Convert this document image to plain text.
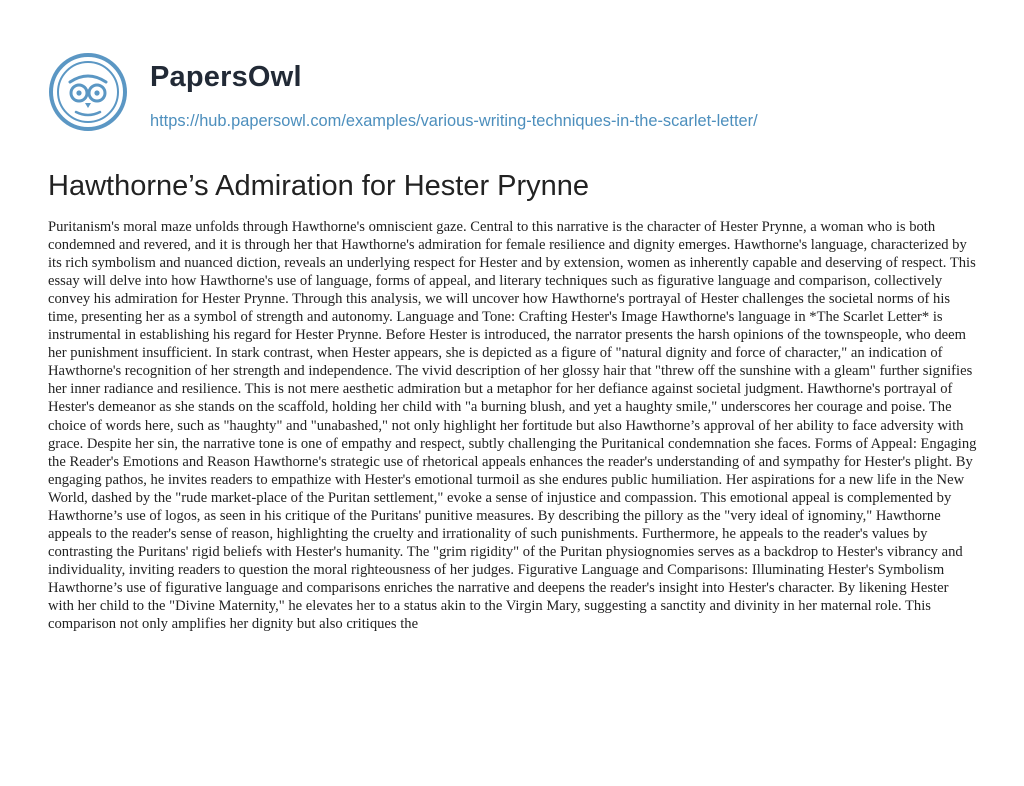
PapersOwl
https://hub.papersowl.com/examples/various-writing-techniques-in-the-scarlet-letter/
Hawthorne’s Admiration for Hester Prynne

Puritanism's moral maze unfolds through Hawthorne's omniscient gaze. Central to this narrative is the character of Hester Prynne, a woman who is both condemned and revered, and it is through her that Hawthorne's admiration for female resilience and dignity emerges. Hawthorne's language, characterized by its rich symbolism and nuanced diction, reveals an underlying respect for Hester and by extension, women as inherently capable and deserving of respect. This essay will delve into how Hawthorne's use of language, forms of appeal, and literary techniques such as figurative language and comparison, collectively convey his admiration for Hester Prynne. Through this analysis, we will uncover how Hawthorne's portrayal of Hester challenges the societal norms of his time, presenting her as a symbol of strength and autonomy. Language and Tone: Crafting Hester's Image Hawthorne's language in *The Scarlet Letter* is instrumental in establishing his regard for Hester Prynne. Before Hester is introduced, the narrator presents the harsh opinions of the townspeople, who deem her punishment insufficient. In stark contrast, when Hester appears, she is depicted as a figure of "natural dignity and force of character," an indication of Hawthorne's recognition of her strength and independence. The vivid description of her glossy hair that "threw off the sunshine with a gleam" further signifies her inner radiance and resilience. This is not mere aesthetic admiration but a metaphor for her defiance against societal judgment. Hawthorne's portrayal of Hester's demeanor as she stands on the scaffold, holding her child with "a burning blush, and yet a haughty smile," underscores her courage and poise. The choice of words here, such as "haughty" and "unabashed," not only highlight her fortitude but also Hawthorne’s approval of her ability to face adversity with grace. Despite her sin, the narrative tone is one of empathy and respect, subtly challenging the Puritanical condemnation she faces. Forms of Appeal: Engaging the Reader's Emotions and Reason Hawthorne's strategic use of rhetorical appeals enhances the reader's understanding of and sympathy for Hester's plight. By engaging pathos, he invites readers to empathize with Hester's emotional turmoil as she endures public humiliation. Her aspirations for a new life in the New World, dashed by the "rude market-place of the Puritan settlement," evoke a sense of injustice and compassion. This emotional appeal is complemented by Hawthorne’s use of logos, as seen in his critique of the Puritans' punitive measures. By describing the pillory as the "very ideal of ignominy," Hawthorne appeals to the reader's sense of reason, highlighting the cruelty and irrationality of such punishments. Furthermore, he appeals to the reader's values by contrasting the Puritans' rigid beliefs with Hester's humanity. The "grim rigidity" of the Puritan physiognomies serves as a backdrop to Hester's vibrancy and individuality, inviting readers to question the moral righteousness of her judges. Figurative Language and Comparisons: Illuminating Hester's Symbolism Hawthorne’s use of figurative language and comparisons enriches the narrative and deepens the reader's insight into Hester's character. By likening Hester with her child to the "Divine Maternity," he elevates her to a status akin to the Virgin Mary, suggesting a sanctity and divinity in her maternal role. This comparison not only amplifies her dignity but also critiques the
